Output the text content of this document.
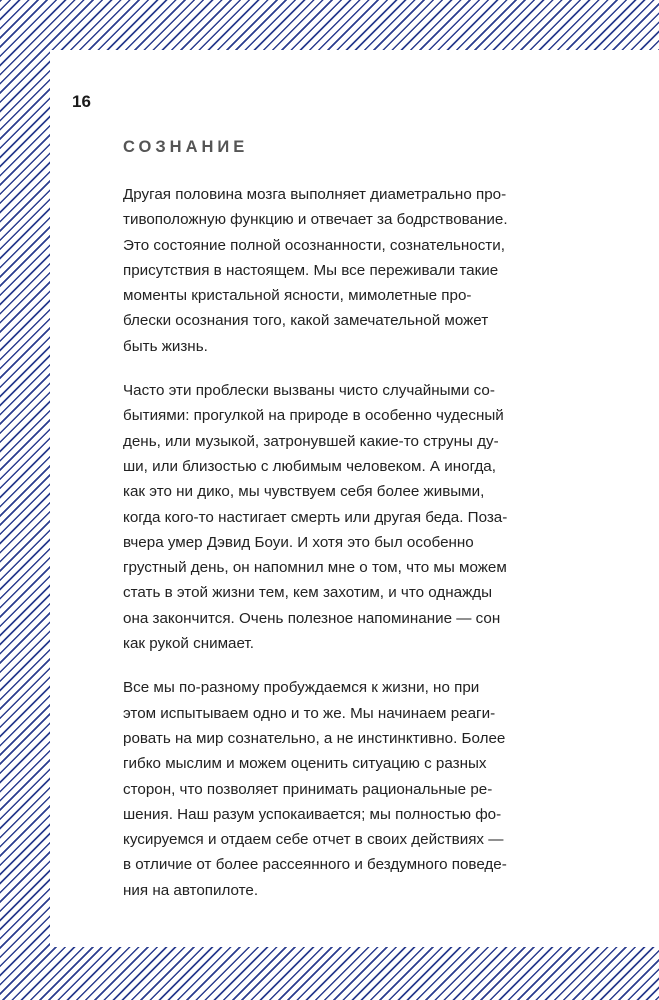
16
СОЗНАНИЕ

Другая половина мозга выполняет диаметрально про-
тивоположную функцию и отвечает за бодрствование.
Это состояние полной осознанности, сознательности,
присутствия в настоящем. Мы все переживали такие
моменты кристальной ясности, мимолетные про-
блески осознания того, какой замечательной может
быть жизнь.

Часто эти проблески вызваны чисто случайными со-
бытиями: прогулкой на природе в особенно чудесный
день, или музыкой, затронувшей какие-то струны ду-
ши, или близостью с любимым человеком. А иногда,
как это ни дико, мы чувствуем себя более живыми,
когда кого-то настигает смерть или другая беда. Поза-
вчера умер Дэвид Боуи. И хотя это был особенно
грустный день, он напомнил мне о том, что мы можем
стать в этой жизни тем, кем захотим, и что однажды
она закончится. Очень полезное напоминание — сон
как рукой снимает.

Все мы по-разному пробуждаемся к жизни, но при
этом испытываем одно и то же. Мы начинаем реаги-
ровать на мир сознательно, а не инстинктивно. Более
гибко мыслим и можем оценить ситуацию с разных
сторон, что позволяет принимать рациональные ре-
шения. Наш разум успокаивается; мы полностью фо-
кусируемся и отдаем себе отчет в своих действиях —
в отличие от более рассеянного и бездумного поведе-
ния на автопилоте.
